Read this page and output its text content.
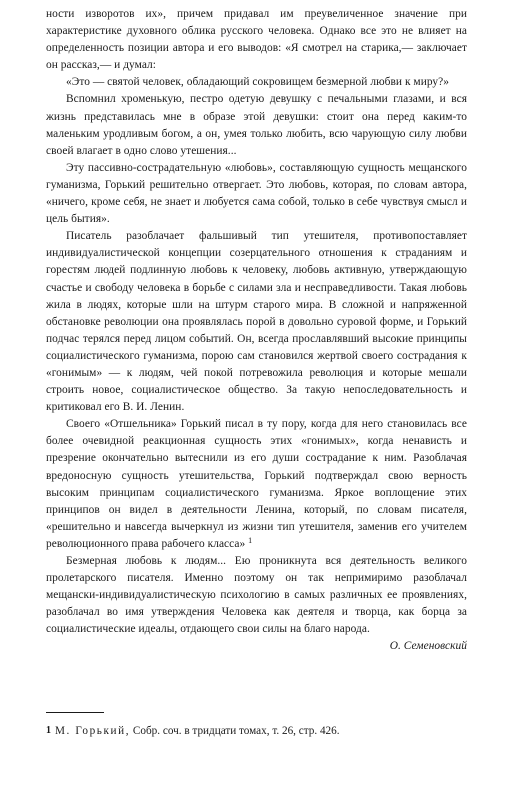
ности изворотов их», причем придавал им преувеличенное значение при характеристике духовного облика русского человека. Однако все это не влияет на определенность позиции автора и его выводов: «Я смотрел на старика,— заключает он рассказ,— и думал:

«Это — святой человек, обладающий сокровищем безмерной любви к миру?»

Вспомнил хроменькую, пестро одетую девушку с печальными глазами, и вся жизнь представилась мне в образе этой девушки: стоит она перед каким-то маленьким уродливым богом, а он, умея только любить, всю чарующую силу любви своей влагает в одно слово утешения...

Эту пассивно-сострадательную «любовь», составляющую сущность мещанского гуманизма, Горький решительно отвергает. Это любовь, которая, по словам автора, «ничего, кроме себя, не знает и любуется сама собой, только в себе чувствуя смысл и цель бытия».

Писатель разоблачает фальшивый тип утешителя, противопоставляет индивидуалистической концепции созерцательного отношения к страданиям и горестям людей подлинную любовь к человеку, любовь активную, утверждающую счастье и свободу человека в борьбе с силами зла и несправедливости. Такая любовь жила в людях, которые шли на штурм старого мира. В сложной и напряженной обстановке революции она проявлялась порой в довольно суровой форме, и Горький подчас терялся перед лицом событий. Он, всегда прославлявший высокие принципы социалистического гуманизма, порою сам становился жертвой своего сострадания к «гонимым» — к людям, чей покой потревожила революция и которые мешали строить новое, социалистическое общество. За такую непоследовательность и критиковал его В. И. Ленин.

Своего «Отшельника» Горький писал в ту пору, когда для него становилась все более очевидной реакционная сущность этих «гонимых», когда ненависть и презрение окончательно вытеснили из его души сострадание к ним. Разоблачая вредоносную сущность утешительства, Горький подтверждал свою верность высоким принципам социалистического гуманизма. Яркое воплощение этих принципов он видел в деятельности Ленина, который, по словам писателя, «решительно и навсегда вычеркнул из жизни тип утешителя, заменив его учителем революционного права рабочего класса» $^1$

Безмерная любовь к людям... Ею проникнута вся деятельность великого пролетарского писателя. Именно поэтому он так непримиримо разоблачал мещански-индивидуалистическую психологию в самых различных ее проявлениях, разоблачал во имя утверждения Человека как деятеля и творца, как борца за социалистические идеалы, отдающего свои силы на благо народа.

О. Семеновский

1 М. Горький, Собр. соч. в тридцати томах, т. 26, стр. 426.
